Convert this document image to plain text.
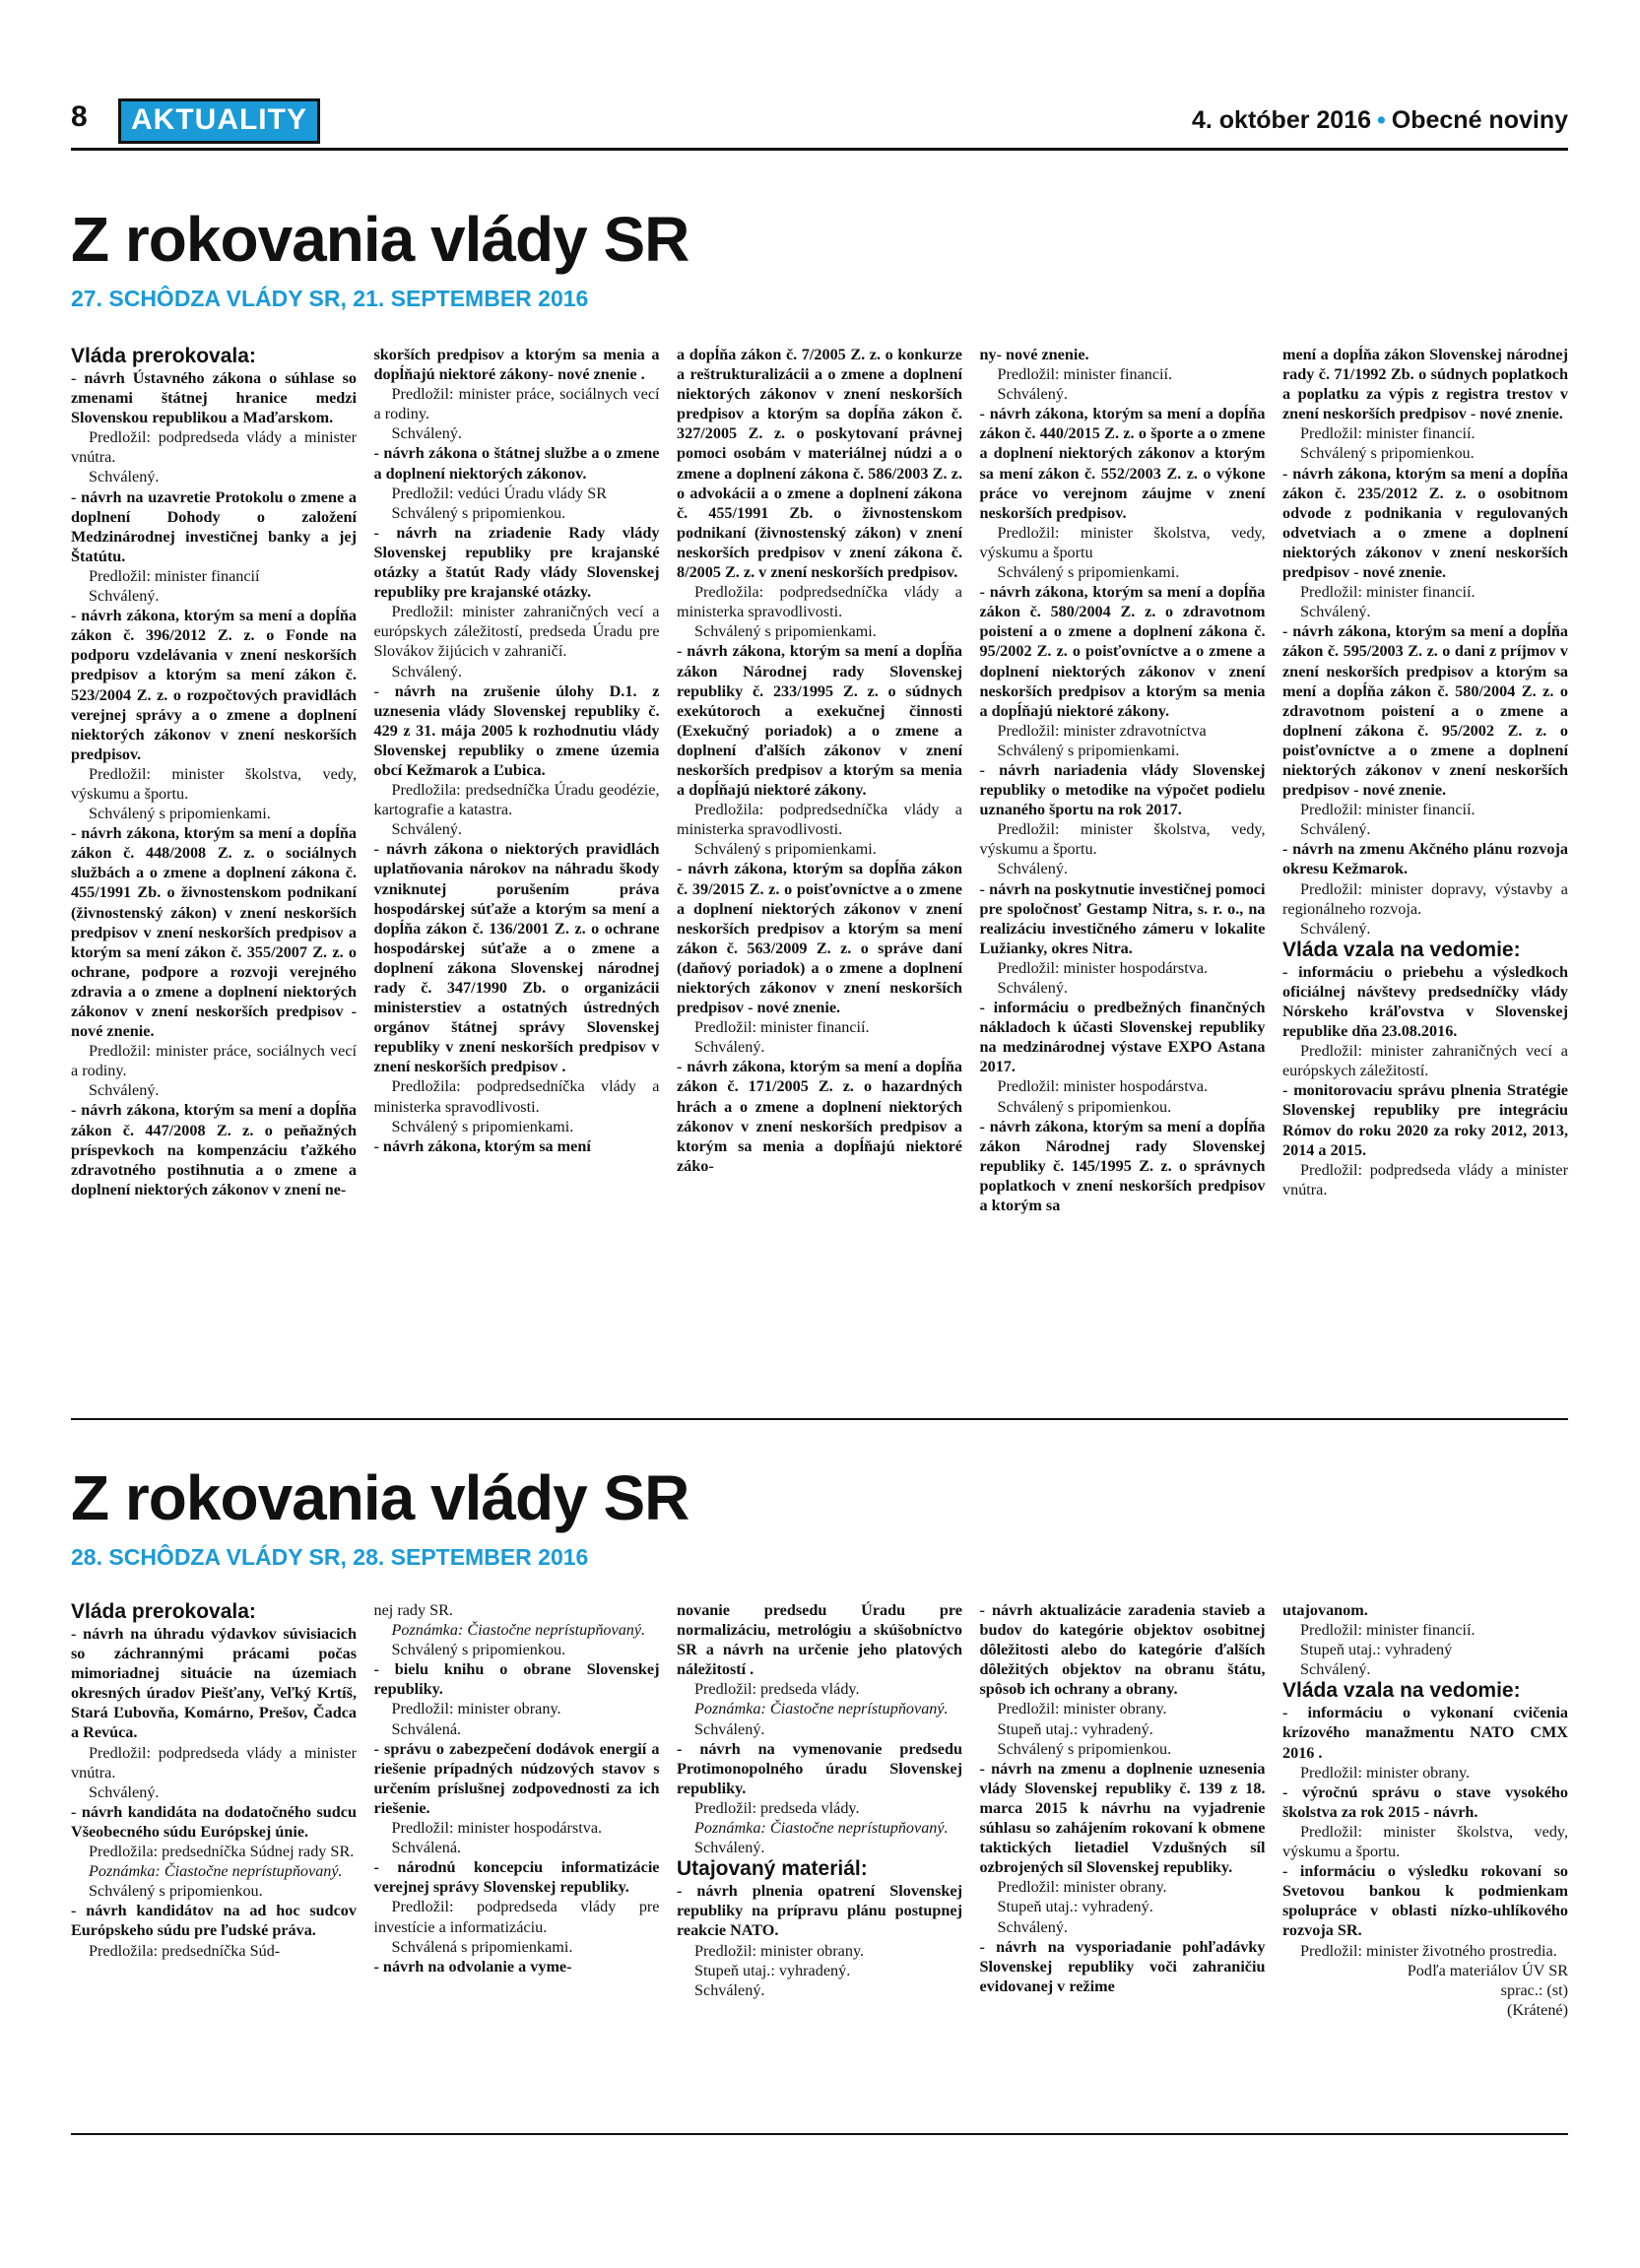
8	AKTUALITY	4. október 2016 • Obecné noviny
Z rokovania vlády SR
27. SCHÔDZA VLÁDY SR, 21. SEPTEMBER 2016

Vláda prerokovala:

- návrh Ústavného zákona o súhlase so zmenami štátnej hranice medzi Slovenskou republikou a Maďarskom.

Predložil: podpredseda vlády a minister vnútra.

Schválený.

- návrh na uzavretie Protokolu o zmene a doplnení Dohody o založení Medzinárodnej investičnej banky a jej Štatútu.

Predložil: minister financií

Schválený.

- návrh zákona, ktorým sa mení a dopĺňa zákon č. 396/2012 Z. z. o Fonde na podporu vzdelávania v znení neskorších predpisov a ktorým sa mení zákon č. 523/2004 Z. z. o rozpočtových pravidlách verejnej správy a o zmene a doplnení niektorých zákonov v znení neskorších predpisov.

Predložil: minister školstva, vedy, výskumu a športu.

Schválený s pripomienkami.

- návrh zákona, ktorým sa mení a dopĺňa zákon č. 448/2008 Z. z. o sociálnych službách a o zmene a doplnení zákona č. 455/1991 Zb. o živnostenskom podnikaní (živnostenský zákon) v znení neskorších predpisov v znení neskorších predpisov a ktorým sa mení zákon č. 355/2007 Z. z. o ochrane, podpore a rozvoji verejného zdravia a o zmene a doplnení niektorých zákonov v znení neskorších predpisov - nové znenie.

Predložil: minister práce, sociálnych vecí a rodiny.

Schválený.

- návrh zákona, ktorým sa mení a dopĺňa zákon č. 447/2008 Z. z. o peňažných príspevkoch na kompenzáciu ťažkého zdravotného postihnutia a o zmene a doplnení niektorých zákonov v znení ne-

skorších predpisov a ktorým sa menia a dopĺňajú niektoré zákony- nové znenie .

Predložil: minister práce, sociálnych vecí a rodiny.

Schválený.

- návrh zákona o štátnej službe a o zmene a doplnení niektorých zákonov.

Predložil: vedúci Úradu vlády SR

Schválený s pripomienkou.

- návrh na zriadenie Rady vlády Slovenskej republiky pre krajanské otázky a štatút Rady vlády Slovenskej republiky pre krajanské otázky.

Predložil: minister zahraničných vecí a európskych záležitostí, predseda Úradu pre Slovákov žijúcich v zahraničí.

Schválený.

- návrh na zrušenie úlohy D.1. z uznesenia vlády Slovenskej republiky č. 429 z 31. mája 2005 k rozhodnutiu vlády Slovenskej republiky o zmene územia obcí Kežmarok a Ľubica.

Predložila: predsedníčka Úradu geodézie, kartografie a katastra.

Schválený.

- návrh zákona o niektorých pravidlách uplatňovania nárokov na náhradu škody vzniknutej porušením práva hospodárskej súťaže a ktorým sa mení a dopĺňa zákon č. 136/2001 Z. z. o ochrane hospodárskej súťaže a o zmene a doplnení zákona Slovenskej národnej rady č. 347/1990 Zb. o organizácii ministerstiev a ostatných ústredných orgánov štátnej správy Slovenskej republiky v znení neskorších predpisov v znení neskorších predpisov .

Predložila: podpredsedníčka vlády a ministerka spravodlivosti.

Schválený s pripomienkami.

- návrh zákona, ktorým sa mení

a dopĺňa zákon č. 7/2005 Z. z. o konkurze a reštrukturalizácii a o zmene a doplnení niektorých zákonov v znení neskorších predpisov a ktorým sa dopĺňa zákon č. 327/2005 Z. z. o poskytovaní právnej pomoci osobám v materiálnej núdzi a o zmene a doplnení zákona č. 586/2003 Z. z. o advokácii a o zmene a doplnení zákona č. 455/1991 Zb. o živnostenskom podnikaní (živnostenský zákon) v znení neskorších predpisov v znení zákona č. 8/2005 Z. z. v znení neskorších predpisov.

Predložila: podpredsedníčka vlády a ministerka spravodlivosti.

Schválený s pripomienkami.

- návrh zákona, ktorým sa mení a dopĺňa zákon Národnej rady Slovenskej republiky č. 233/1995 Z. z. o súdnych exekútoroch a exekučnej činnosti (Exekučný poriadok) a o zmene a doplnení ďalších zákonov v znení neskorších predpisov a ktorým sa menia a dopĺňajú niektoré zákony.

Predložila: podpredsedníčka vlády a ministerka spravodlivosti.

Schválený s pripomienkami.

- návrh zákona, ktorým sa dopĺňa zákon č. 39/2015 Z. z. o poisťovníctve a o zmene a doplnení niektorých zákonov v znení neskorších predpisov a ktorým sa mení zákon č. 563/2009 Z. z. o správe daní (daňový poriadok) a o zmene a doplnení niektorých zákonov v znení neskorších predpisov - nové znenie.

Predložil: minister financií.

Schválený.

- návrh zákona, ktorým sa mení a dopĺňa zákon č. 171/2005 Z. z. o hazardných hrách a o zmene a doplnení niektorých zákonov v znení neskorších predpisov a ktorým sa menia a dopĺňajú niektoré záko-

ny- nové znenie.

Predložil: minister financií.

Schválený.

- návrh zákona, ktorým sa mení a dopĺňa zákon č. 440/2015 Z. z. o športe a o zmene a doplnení niektorých zákonov a ktorým sa mení zákon č. 552/2003 Z. z. o výkone práce vo verejnom záujme v znení neskorších predpisov.

Predložil: minister školstva, vedy, výskumu a športu

Schválený s pripomienkami.

- návrh zákona, ktorým sa mení a dopĺňa zákon č. 580/2004 Z. z. o zdravotnom poistení a o zmene a doplnení zákona č. 95/2002 Z. z. o poisťovníctve a o zmene a doplnení niektorých zákonov v znení neskorších predpisov a ktorým sa menia a dopĺňajú niektoré zákony.

Predložil: minister zdravotníctva

Schválený s pripomienkami.

- návrh nariadenia vlády Slovenskej republiky o metodike na výpočet podielu uznaného športu na rok 2017.

Predložil: minister školstva, vedy, výskumu a športu.

Schválený.

- návrh na poskytnutie investičnej pomoci pre spoločnosť Gestamp Nitra, s. r. o., na realizáciu investičného zámeru v lokalite Lužianky, okres Nitra.

Predložil: minister hospodárstva.

Schválený.

- informáciu o predbežných finančných nákladoch k účasti Slovenskej republiky na medzinárodnej výstave EXPO Astana 2017.

Predložil: minister hospodárstva.

Schválený s pripomienkou.

- návrh zákona, ktorým sa mení a dopĺňa zákon Národnej rady Slovenskej republiky č. 145/1995 Z. z. o správnych poplatkoch v znení neskorších predpisov a ktorým sa

mení a dopĺňa zákon Slovenskej národnej rady č. 71/1992 Zb. o súdnych poplatkoch a poplatku za výpis z registra trestov v znení neskorších predpisov - nové znenie.

Predložil: minister financií.

Schválený s pripomienkou.

- návrh zákona, ktorým sa mení a dopĺňa zákon č. 235/2012 Z. z. o osobitnom odvode z podnikania v regulovaných odvetviach a o zmene a doplnení niektorých zákonov v znení neskorších predpisov - nové znenie.

Predložil: minister financií.

Schválený.

- návrh zákona, ktorým sa mení a dopĺňa zákon č. 595/2003 Z. z. o dani z príjmov v znení neskorších predpisov a ktorým sa mení a dopĺňa zákon č. 580/2004 Z. z. o zdravotnom poistení a o zmene a doplnení zákona č. 95/2002 Z. z. o poisťovníctve a o zmene a doplnení niektorých zákonov v znení neskorších predpisov - nové znenie.

Predložil: minister financií.

Schválený.

- návrh na zmenu Akčného plánu rozvoja okresu Kežmarok.

Predložil: minister dopravy, výstavby a regionálneho rozvoja.

Schválený.

Vláda vzala na vedomie:

- informáciu o priebehu a výsledkoch oficiálnej návštevy predsedníčky vlády Nórskeho kráľovstva v Slovenskej republike dňa 23.08.2016.

Predložil: minister zahraničných vecí a európskych záležitostí.

- monitorovaciu správu plnenia Stratégie Slovenskej republiky pre integráciu Rómov do roku 2020 za roky 2012, 2013, 2014 a 2015.

Predložil: podpredseda vlády a minister vnútra.

Z rokovania vlády SR
28. SCHÔDZA VLÁDY SR, 28. SEPTEMBER 2016

Vláda prerokovala:

- návrh na úhradu výdavkov súvisiacich so záchrannými prácami počas mimoriadnej situácie na územiach okresných úradov Piešťany, Veľký Krtíš, Stará Ľubovňa, Komárno, Prešov, Čadca a Revúca.

Predložil: podpredseda vlády a minister vnútra.

Schválený.

- návrh kandidáta na dodatočného sudcu Všeobecného súdu Európskej únie.

Predložila: predsedníčka Súdnej rady SR.

Poznámka: Čiastočne neprístupňovaný.

Schválený s pripomienkou.

- návrh kandidátov na ad hoc sudcov Európskeho súdu pre ľudské práva.

Predložila: predsedníčka Súd-

nej rady SR.

Poznámka: Čiastočne neprístupňovaný.

Schválený s pripomienkou.

- bielu knihu o obrane Slovenskej republiky.

Predložil: minister obrany.

Schválená.

- správu o zabezpečení dodávok energií a riešenie prípadných núdzových stavov s určením príslušnej zodpovednosti za ich riešenie.

Predložil: minister hospodárstva.

Schválená.

- národnú koncepciu informatizácie verejnej správy Slovenskej republiky.

Predložil: podpredseda vlády pre investície a informatizáciu.

Schválená s pripomienkami.

- návrh na odvolanie a vyme-

novanie predsedu Úradu pre normalizáciu, metrológiu a skúšobníctvo SR a návrh na určenie jeho platových náležitostí .

Predložil: predseda vlády.

Poznámka: Čiastočne neprístupňovaný.

Schválený.

- návrh na vymenovanie predsedu Protimonopolného úradu Slovenskej republiky.

Predložil: predseda vlády.

Poznámka: Čiastočne neprístupňovaný.

Schválený.

Utajovaný materiál:

- návrh plnenia opatrení Slovenskej republiky na prípravu plánu postupnej reakcie NATO.

Predložil: minister obrany.

Stupeň utaj.: vyhradený.

Schválený.

- návrh aktualizácie zaradenia stavieb a budov do kategórie objektov osobitnej dôležitosti alebo do kategórie ďalších dôležitých objektov na obranu štátu, spôsob ich ochrany a obrany.

Predložil: minister obrany.

Stupeň utaj.: vyhradený.

Schválený s pripomienkou.

- návrh na zmenu a doplnenie uznesenia vlády Slovenskej republiky č. 139 z 18. marca 2015 k návrhu na vyjadrenie súhlasu so zahájením rokovaní k obmene taktických lietadiel Vzdušných síl ozbrojených síl Slovenskej republiky.

Predložil: minister obrany.

Stupeň utaj.: vyhradený.

Schválený.

- návrh na vysporiadanie pohľadávky Slovenskej republiky voči zahraničiu evidovanej v režime

utajovanom.

Predložil: minister financií.

Stupeň utaj.: vyhradený

Schválený.

Vláda vzala na vedomie:

- informáciu o vykonaní cvičenia krízového manažmentu NATO CMX 2016 .

Predložil: minister obrany.

- výročnú správu o stave vysokého školstva za rok 2015 - návrh.

Predložil: minister školstva, vedy, výskumu a športu.

- informáciu o výsledku rokovaní so Svetovou bankou k podmienkam spolupráce v oblasti nízko-uhlíkového rozvoja SR.

Predložil: minister životného prostredia.

Podľa materiálov ÚV SR

sprac.: (st)

(Krátené)
